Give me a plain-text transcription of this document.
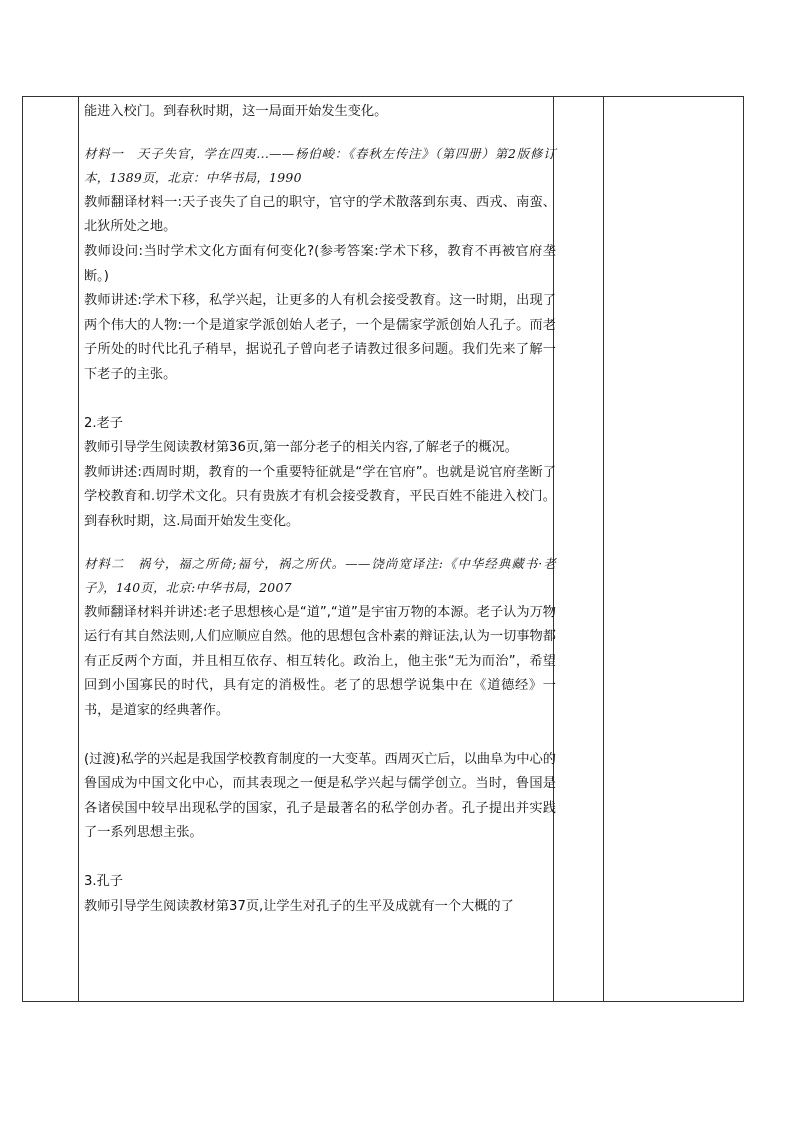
能进入校门。到春秋时期，这一局面开始发生变化。

材料一　天子失官，学在四夷...——杨伯峻：《春秋左传注》（第四册）第2版修订本，1389页，北京：中华书局，1990

教师翻译材料一:天子丧失了自己的职守，官守的学术散落到东夷、西戎、南蛮、北狄所处之地。

教师设问:当时学术文化方面有何变化?(参考答案:学术下移，教育不再被官府垄断。)

教师讲述:学术下移，私学兴起，让更多的人有机会接受教育。这一时期，出现了两个伟大的人物:一个是道家学派创始人老子，一个是儒家学派创始人孔子。而老子所处的时代比孔子稍早，据说孔子曾向老子请教过很多问题。我们先来了解一下老子的主张。

2.老子

教师引导学生阅读教材第36页,第一部分老子的相关内容,了解老子的概况。

教师讲述:西周时期，教育的一个重要特征就是“学在官府”。也就是说官府垄断了学校教育和.切学术文化。只有贵族才有机会接受教育，平民百姓不能进入校门。到春秋时期，这.局面开始发生变化。

材料二　祸兮，福之所倚;福兮，祸之所伏。——饶尚宽译注:《中华经典藏书·老子》，140页，北京:中华书局，2007

教师翻译材料并讲述:老子思想核心是“道”,“道”是宇宙万物的本源。老子认为万物运行有其自然法则,人们应顺应自然。他的思想包含朴素的辩证法,认为一切事物都有正反两个方面，并且相互依存、相互转化。政治上，他主张“无为而治”，希望回到小国寡民的时代，具有定的消极性。老了的思想学说集中在《道德经》一书，是道家的经典著作。

(过渡)私学的兴起是我国学校教育制度的一大变革。西周灭亡后，以曲阜为中心的鲁国成为中国文化中心，而其表现之一便是私学兴起与儒学创立。当时，鲁国是各诸侯国中较早出现私学的国家，孔子是最著名的私学创办者。孔子提出并实践了一系列思想主张。

3.孔子

教师引导学生阅读教材第37页,让学生对孔子的生平及成就有一个大概的了
